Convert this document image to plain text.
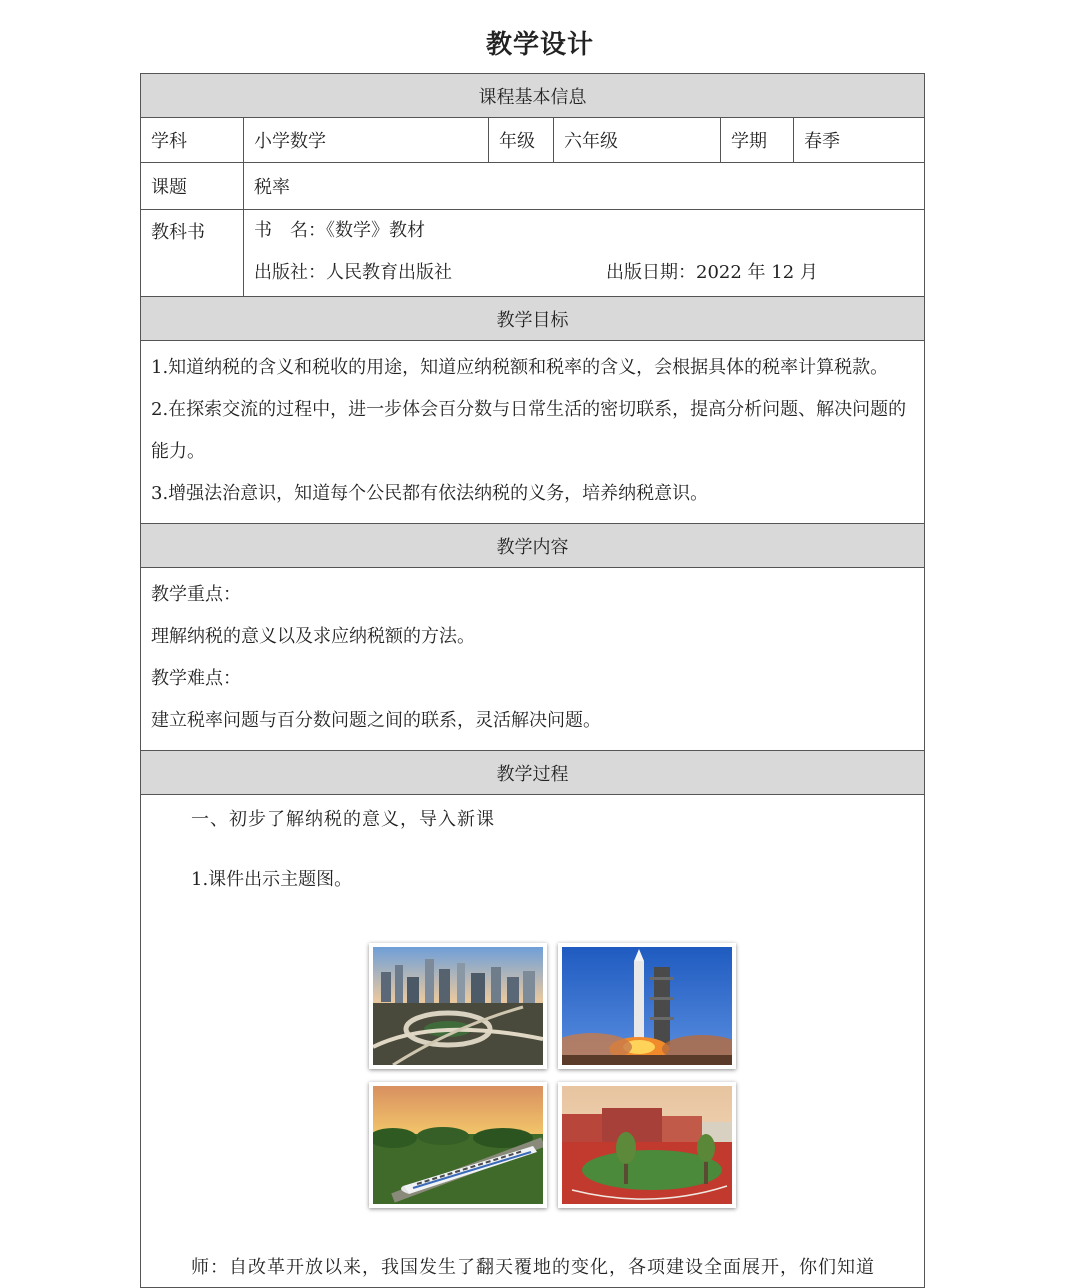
教学设计
课程基本信息
学科	小学数学	年级	六年级	学期	春季
课题	税率
教科书	书　名：《数学》教材
出版社：人民教育出版社	出版日期：2022 年 12 月
教学目标
1.知道纳税的含义和税收的用途，知道应纳税额和税率的含义，会根据具体的税率计算税款。
2.在探索交流的过程中，进一步体会百分数与日常生活的密切联系，提高分析问题、解决问题的能力。
3.增强法治意识，知道每个公民都有依法纳税的义务，培养纳税意识。
教学内容
教学重点：
理解纳税的意义以及求应纳税额的方法。
教学难点：
建立税率问题与百分数问题之间的联系，灵活解决问题。
教学过程
一、初步了解纳税的意义，导入新课
1.课件出示主题图。
师：自改革开放以来，我国发生了翻天覆地的变化，各项建设全面展开，你们知道
